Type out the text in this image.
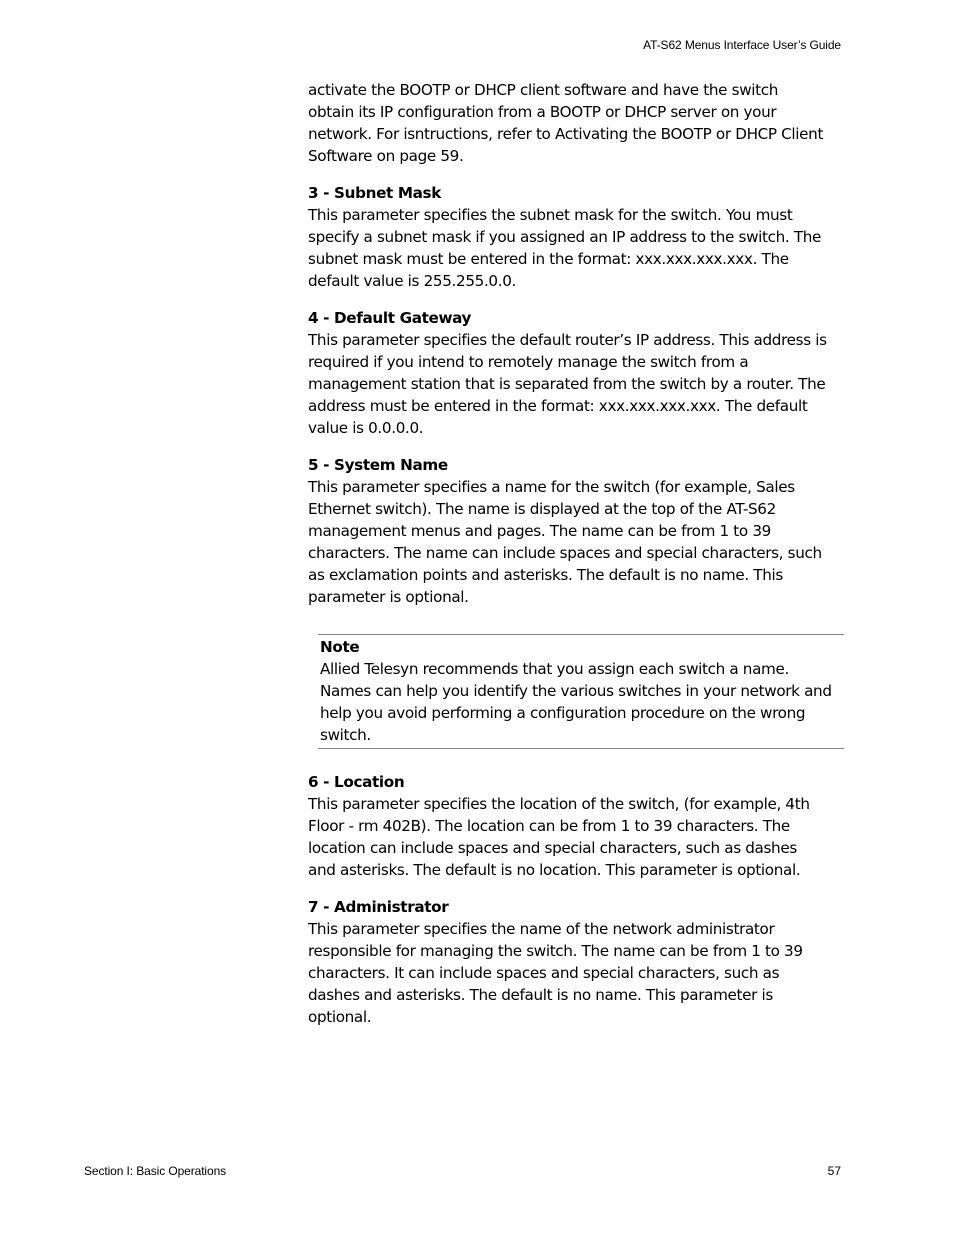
AT-S62 Menus Interface User’s Guide

activate the BOOTP or DHCP client software and have the switch obtain its IP configuration from a BOOTP or DHCP server on your network. For isntructions, refer to Activating the BOOTP or DHCP Client Software on page 59.

3 - Subnet Mask

This parameter specifies the subnet mask for the switch. You must specify a subnet mask if you assigned an IP address to the switch. The subnet mask must be entered in the format: xxx.xxx.xxx.xxx. The default value is 255.255.0.0.

4 - Default Gateway

This parameter specifies the default router’s IP address. This address is required if you intend to remotely manage the switch from a management station that is separated from the switch by a router. The address must be entered in the format: xxx.xxx.xxx.xxx. The default value is 0.0.0.0.

5 - System Name

This parameter specifies a name for the switch (for example, Sales Ethernet switch). The name is displayed at the top of the AT-S62 management menus and pages. The name can be from 1 to 39 characters. The name can include spaces and special characters, such as exclamation points and asterisks. The default is no name. This parameter is optional.

Note

Allied Telesyn recommends that you assign each switch a name. Names can help you identify the various switches in your network and help you avoid performing a configuration procedure on the wrong switch.

6 - Location

This parameter specifies the location of the switch, (for example, 4th Floor - rm 402B). The location can be from 1 to 39 characters. The location can include spaces and special characters, such as dashes and asterisks. The default is no location. This parameter is optional.

7 - Administrator

This parameter specifies the name of the network administrator responsible for managing the switch. The name can be from 1 to 39 characters. It can include spaces and special characters, such as dashes and asterisks. The default is no name. This parameter is optional.

Section I: Basic Operations	57
